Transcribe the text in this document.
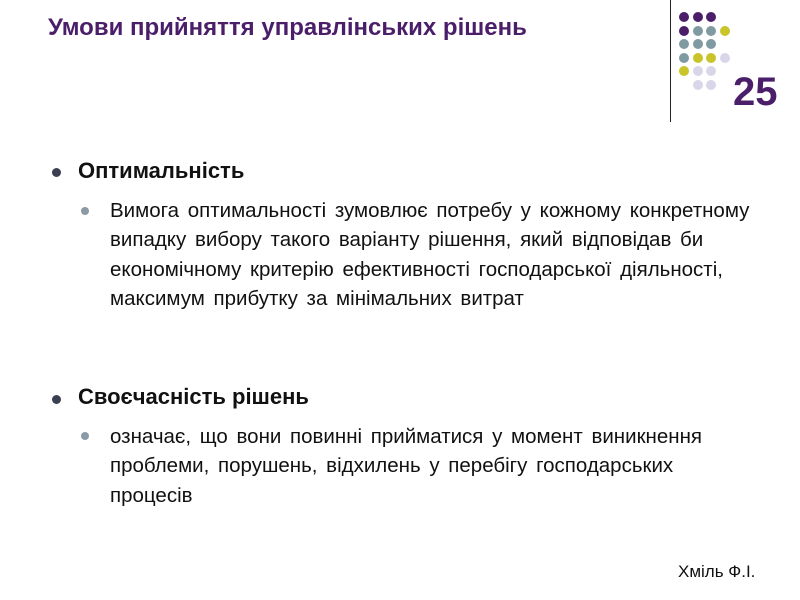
Умови прийняття управлінських рішень
25
Оптимальність
Вимога оптимальності зумовлює потребу у кожному конкретному випадку вибору такого варіанту рішення, який відповідав би економічному критерію ефективності господарської діяльності, максимум прибутку за мінімальних витрат
Своєчасність рішень
означає, що вони повинні прийматися у момент виникнення проблеми, порушень, відхилень у перебігу господарських процесів
Хміль Ф.І.
